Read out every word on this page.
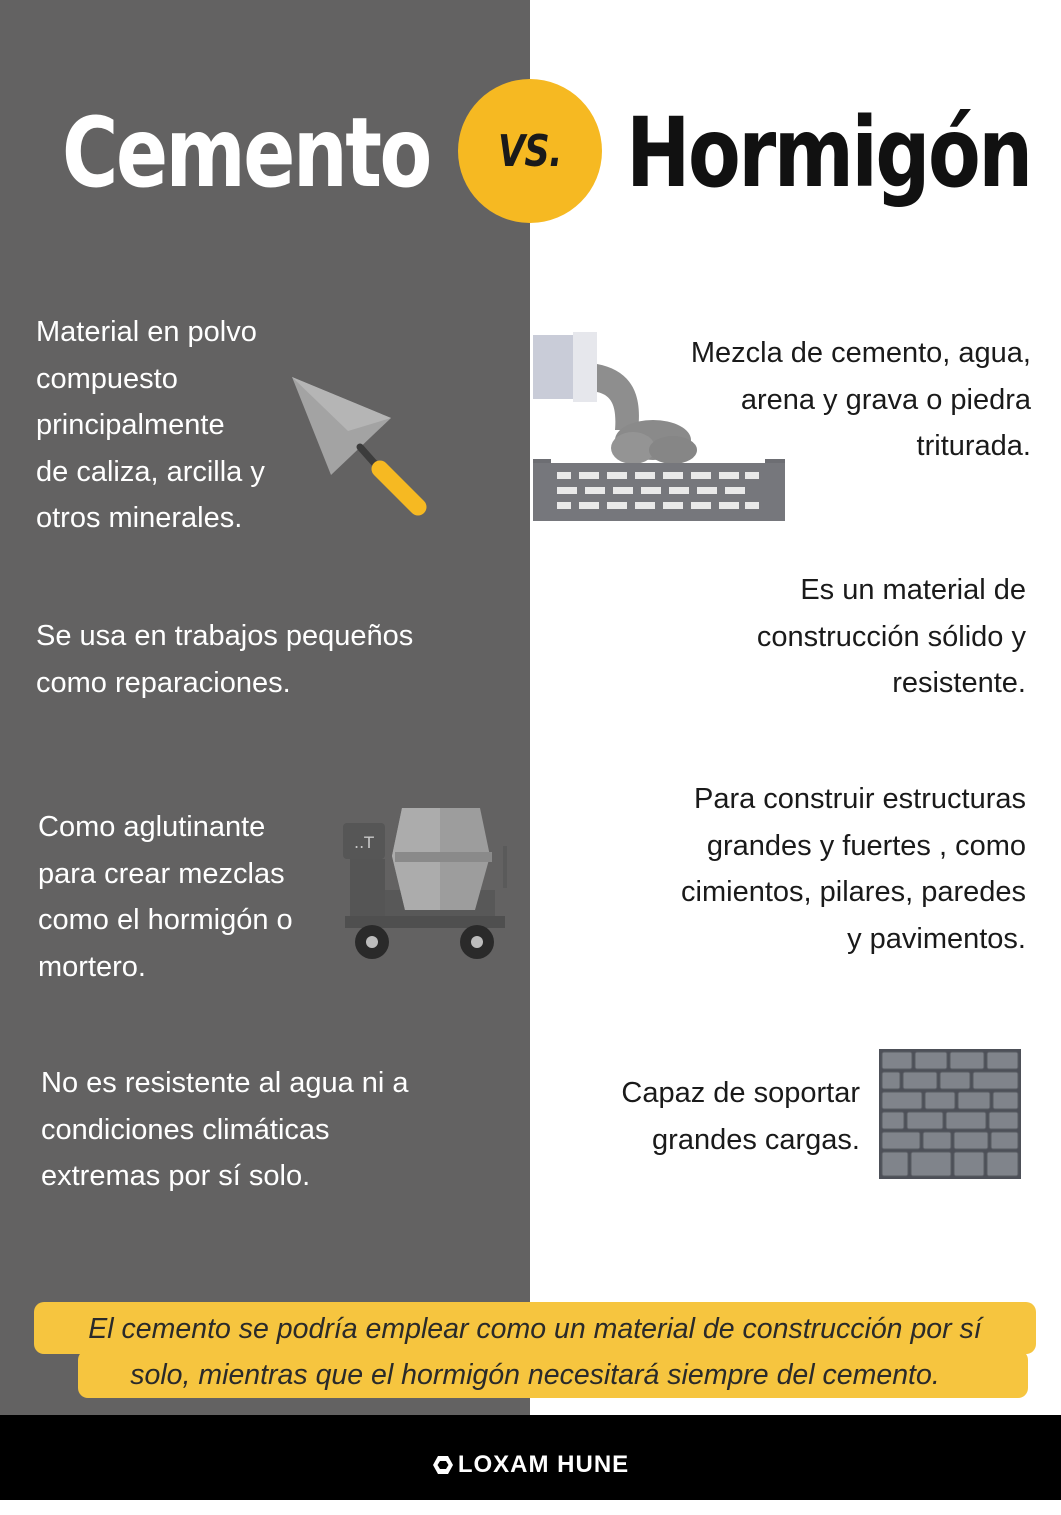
Cemento VS. Hormigón
Material en polvo
compuesto
principalmente
de caliza, arcilla y
otros minerales.
Se usa en trabajos pequeños
como reparaciones.
Como aglutinante
para crear mezclas
como el hormigón o
mortero.
No es resistente al agua ni a
condiciones climáticas
extremas por sí solo.
Mezcla de cemento, agua,
arena y grava o piedra
triturada.
Es un material de
construcción sólido y
resistente.
Para construir estructuras
grandes y fuertes , como
cimientos, pilares, paredes
y pavimentos.
Capaz de soportar
grandes cargas.
..T
El cemento se podría emplear como un material de construcción por sí
solo, mientras que el hormigón necesitará siempre del cemento.
LOXAM HUNE
